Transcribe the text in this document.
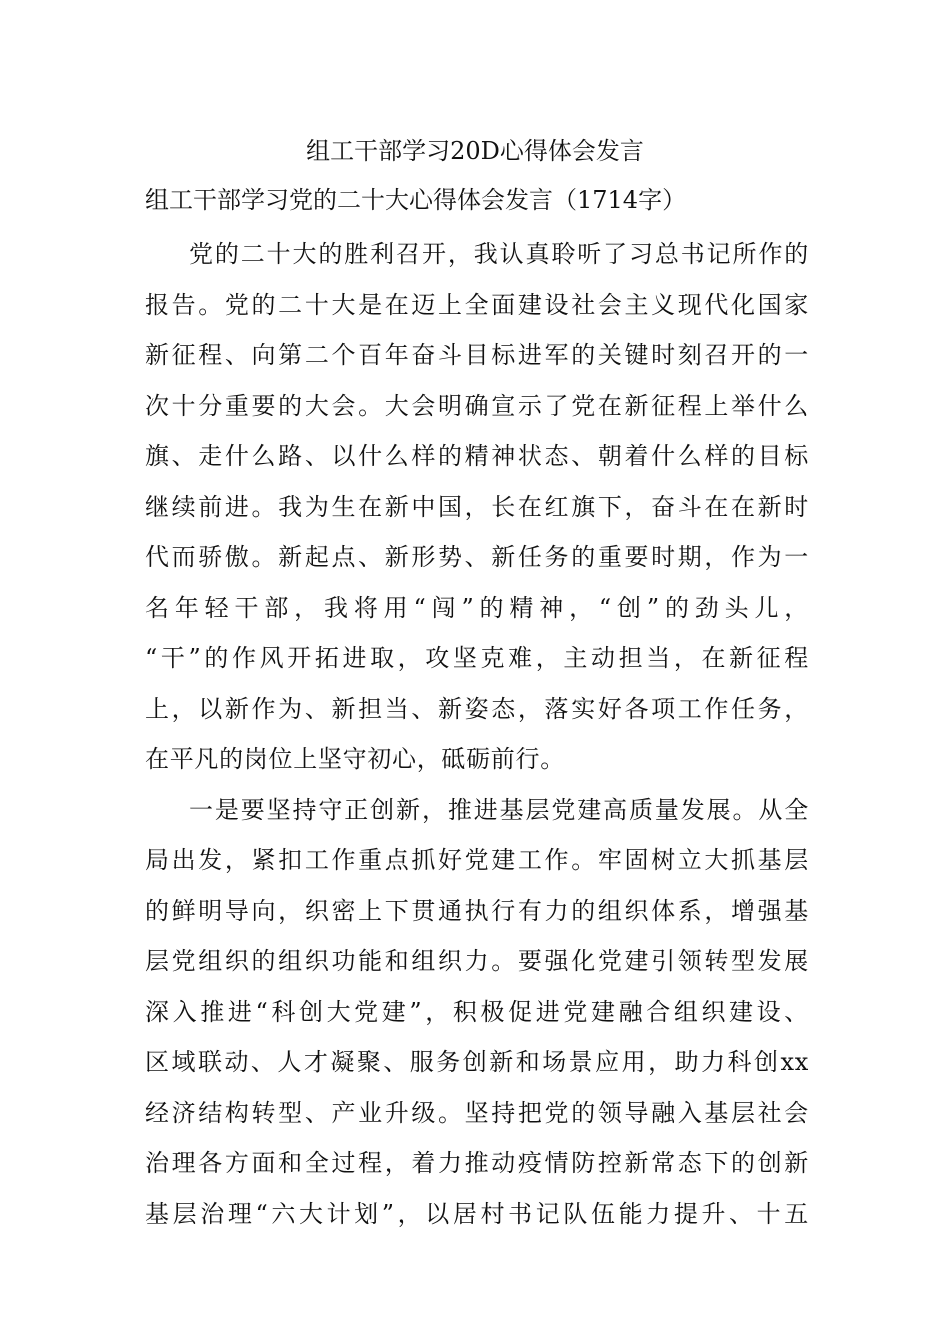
组工干部学习20D心得体会发言

组工干部学习党的二十大心得体会发言（1714字）

党的二十大的胜利召开，我认真聆听了习总书记所作的
报告。党的二十大是在迈上全面建设社会主义现代化国家
新征程、向第二个百年奋斗目标进军的关键时刻召开的一
次十分重要的大会。大会明确宣示了党在新征程上举什么
旗、走什么路、以什么样的精神状态、朝着什么样的目标
继续前进。我为生在新中国，长在红旗下，奋斗在在新时
代而骄傲。新起点、新形势、新任务的重要时期，作为一
名年轻干部，我将用“闯”的精神，“创”的劲头儿，
“干”的作风开拓进取，攻坚克难，主动担当，在新征程
上，以新作为、新担当、新姿态，落实好各项工作任务，
在平凡的岗位上坚守初心，砥砺前行。

一是要坚持守正创新，推进基层党建高质量发展。从全
局出发，紧扣工作重点抓好党建工作。牢固树立大抓基层
的鲜明导向，织密上下贯通执行有力的组织体系，增强基
层党组织的组织功能和组织力。要强化党建引领转型发展
深入推进“科创大党建”，积极促进党建融合组织建设、
区域联动、人才凝聚、服务创新和场景应用，助力科创xx
经济结构转型、产业升级。坚持把党的领导融入基层社会
治理各方面和全过程，着力推动疫情防控新常态下的创新
基层治理“六大计划”，以居村书记队伍能力提升、十五
